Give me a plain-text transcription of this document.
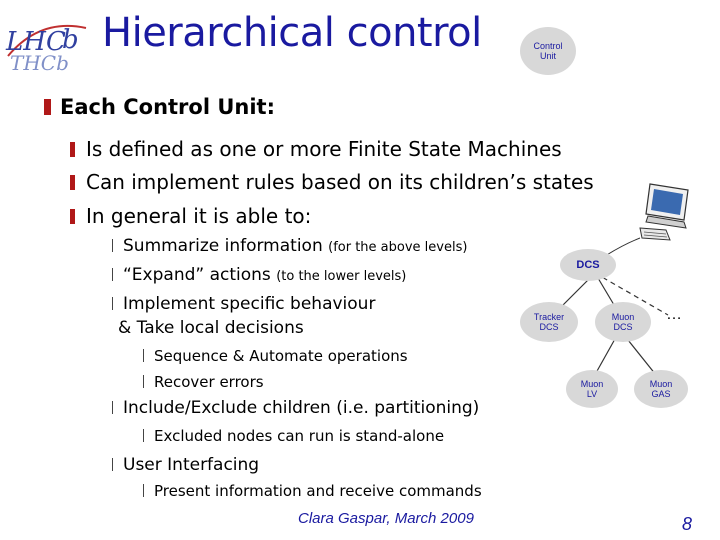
LHC
b
THCb
Hierarchical control	Control
Unit
Each Control Unit:
Is defined as one or more Finite State Machines
Can implement rules based on its children’s states
In general it is able to:
Summarize information (for the above levels)
“Expand” actions (to the lower levels)
Implement specific behaviour
& Take local decisions
Sequence & Automate operations
Recover errors
Include/Exclude children (i.e. partitioning)
Excluded nodes can run is stand-alone
User Interfacing
Present information and receive commands
DCS
Tracker
DCS
Muon
DCS
…
Muon
LV
Muon
GAS
Clara Gaspar, March 2009	8
